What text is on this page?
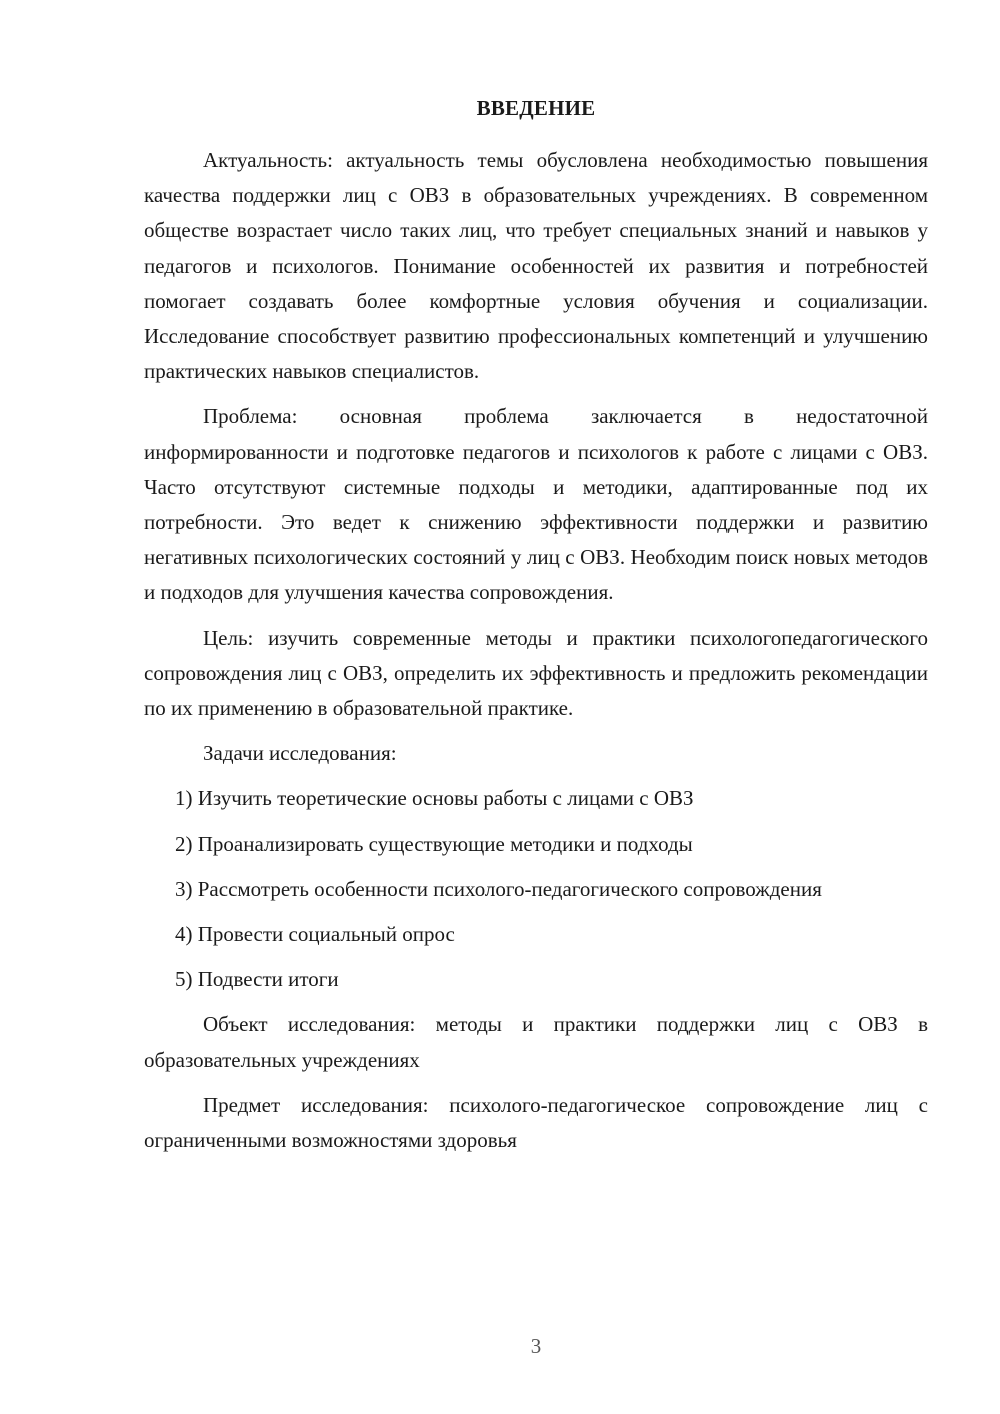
ВВЕДЕНИЕ

Актуальность: актуальность темы обусловлена необходимостью повышения качества поддержки лиц с ОВЗ в образовательных учреждениях. В современном обществе возрастает число таких лиц, что требует специальных знаний и навыков у педагогов и психологов. Понимание особенностей их развития и потребностей помогает создавать более комфортные условия обучения и социализации. Исследование способствует развитию профессиональных компетенций и улучшению практических навыков специалистов.

Проблема: основная проблема заключается в недостаточной информированности и подготовке педагогов и психологов к работе с лицами с ОВЗ. Часто отсутствуют системные подходы и методики, адаптированные под их потребности. Это ведет к снижению эффективности поддержки и развитию негативных психологических состояний у лиц с ОВЗ. Необходим поиск новых методов и подходов для улучшения качества сопровождения.

Цель: изучить современные методы и практики психологопедагогического сопровождения лиц с ОВЗ, определить их эффективность и предложить рекомендации по их применению в образовательной практике.

Задачи исследования:

1) Изучить теоретические основы работы с лицами с ОВЗ

2) Проанализировать существующие методики и подходы

3) Рассмотреть особенности психолого-педагогического сопровождения

4) Провести социальный опрос

5) Подвести итоги

Объект исследования: методы и практики поддержки лиц с ОВЗ в образовательных учреждениях

Предмет исследования: психолого-педагогическое сопровождение лиц с ограниченными возможностями здоровья

3
